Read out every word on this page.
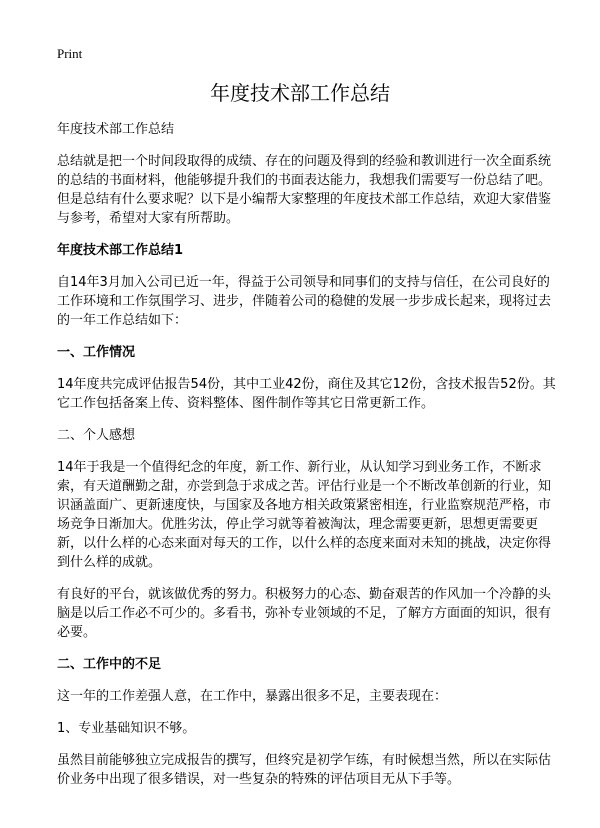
Print
年度技术部工作总结

年度技术部工作总结

总结就是把一个时间段取得的成绩、存在的问题及得到的经验和教训进行一次全面系统的总结的书面材料，他能够提升我们的书面表达能力，我想我们需要写一份总结了吧。但是总结有什么要求呢？以下是小编帮大家整理的年度技术部工作总结，欢迎大家借鉴与参考，希望对大家有所帮助。

年度技术部工作总结1

自14年3月加入公司已近一年，得益于公司领导和同事们的支持与信任，在公司良好的工作环境和工作氛围学习、进步，伴随着公司的稳健的发展一步步成长起来，现将过去的一年工作总结如下：

一、工作情况

14年度共完成评估报告54份，其中工业42份，商住及其它12份，含技术报告52份。其它工作包括备案上传、资料整体、图件制作等其它日常更新工作。

二、个人感想

14年于我是一个值得纪念的年度，新工作、新行业，从认知学习到业务工作，不断求索，有天道酬勤之甜，亦尝到急于求成之苦。评估行业是一个不断改革创新的行业，知识涵盖面广、更新速度快，与国家及各地方相关政策紧密相连，行业监察规范严格，市场竞争日渐加大。优胜劣汰，停止学习就等着被淘汰，理念需要更新，思想更需要更新，以什么样的心态来面对每天的工作，以什么样的态度来面对未知的挑战，决定你得到什么样的成就。

有良好的平台，就该做优秀的努力。积极努力的心态、勤奋艰苦的作风加一个冷静的头脑是以后工作必不可少的。多看书，弥补专业领域的不足，了解方方面面的知识，很有必要。

二、工作中的不足

这一年的工作差强人意，在工作中，暴露出很多不足，主要表现在：

1、专业基础知识不够。

虽然目前能够独立完成报告的撰写，但终究是初学乍练，有时候想当然，所以在实际估价业务中出现了很多错误，对一些复杂的特殊的评估项目无从下手等。
